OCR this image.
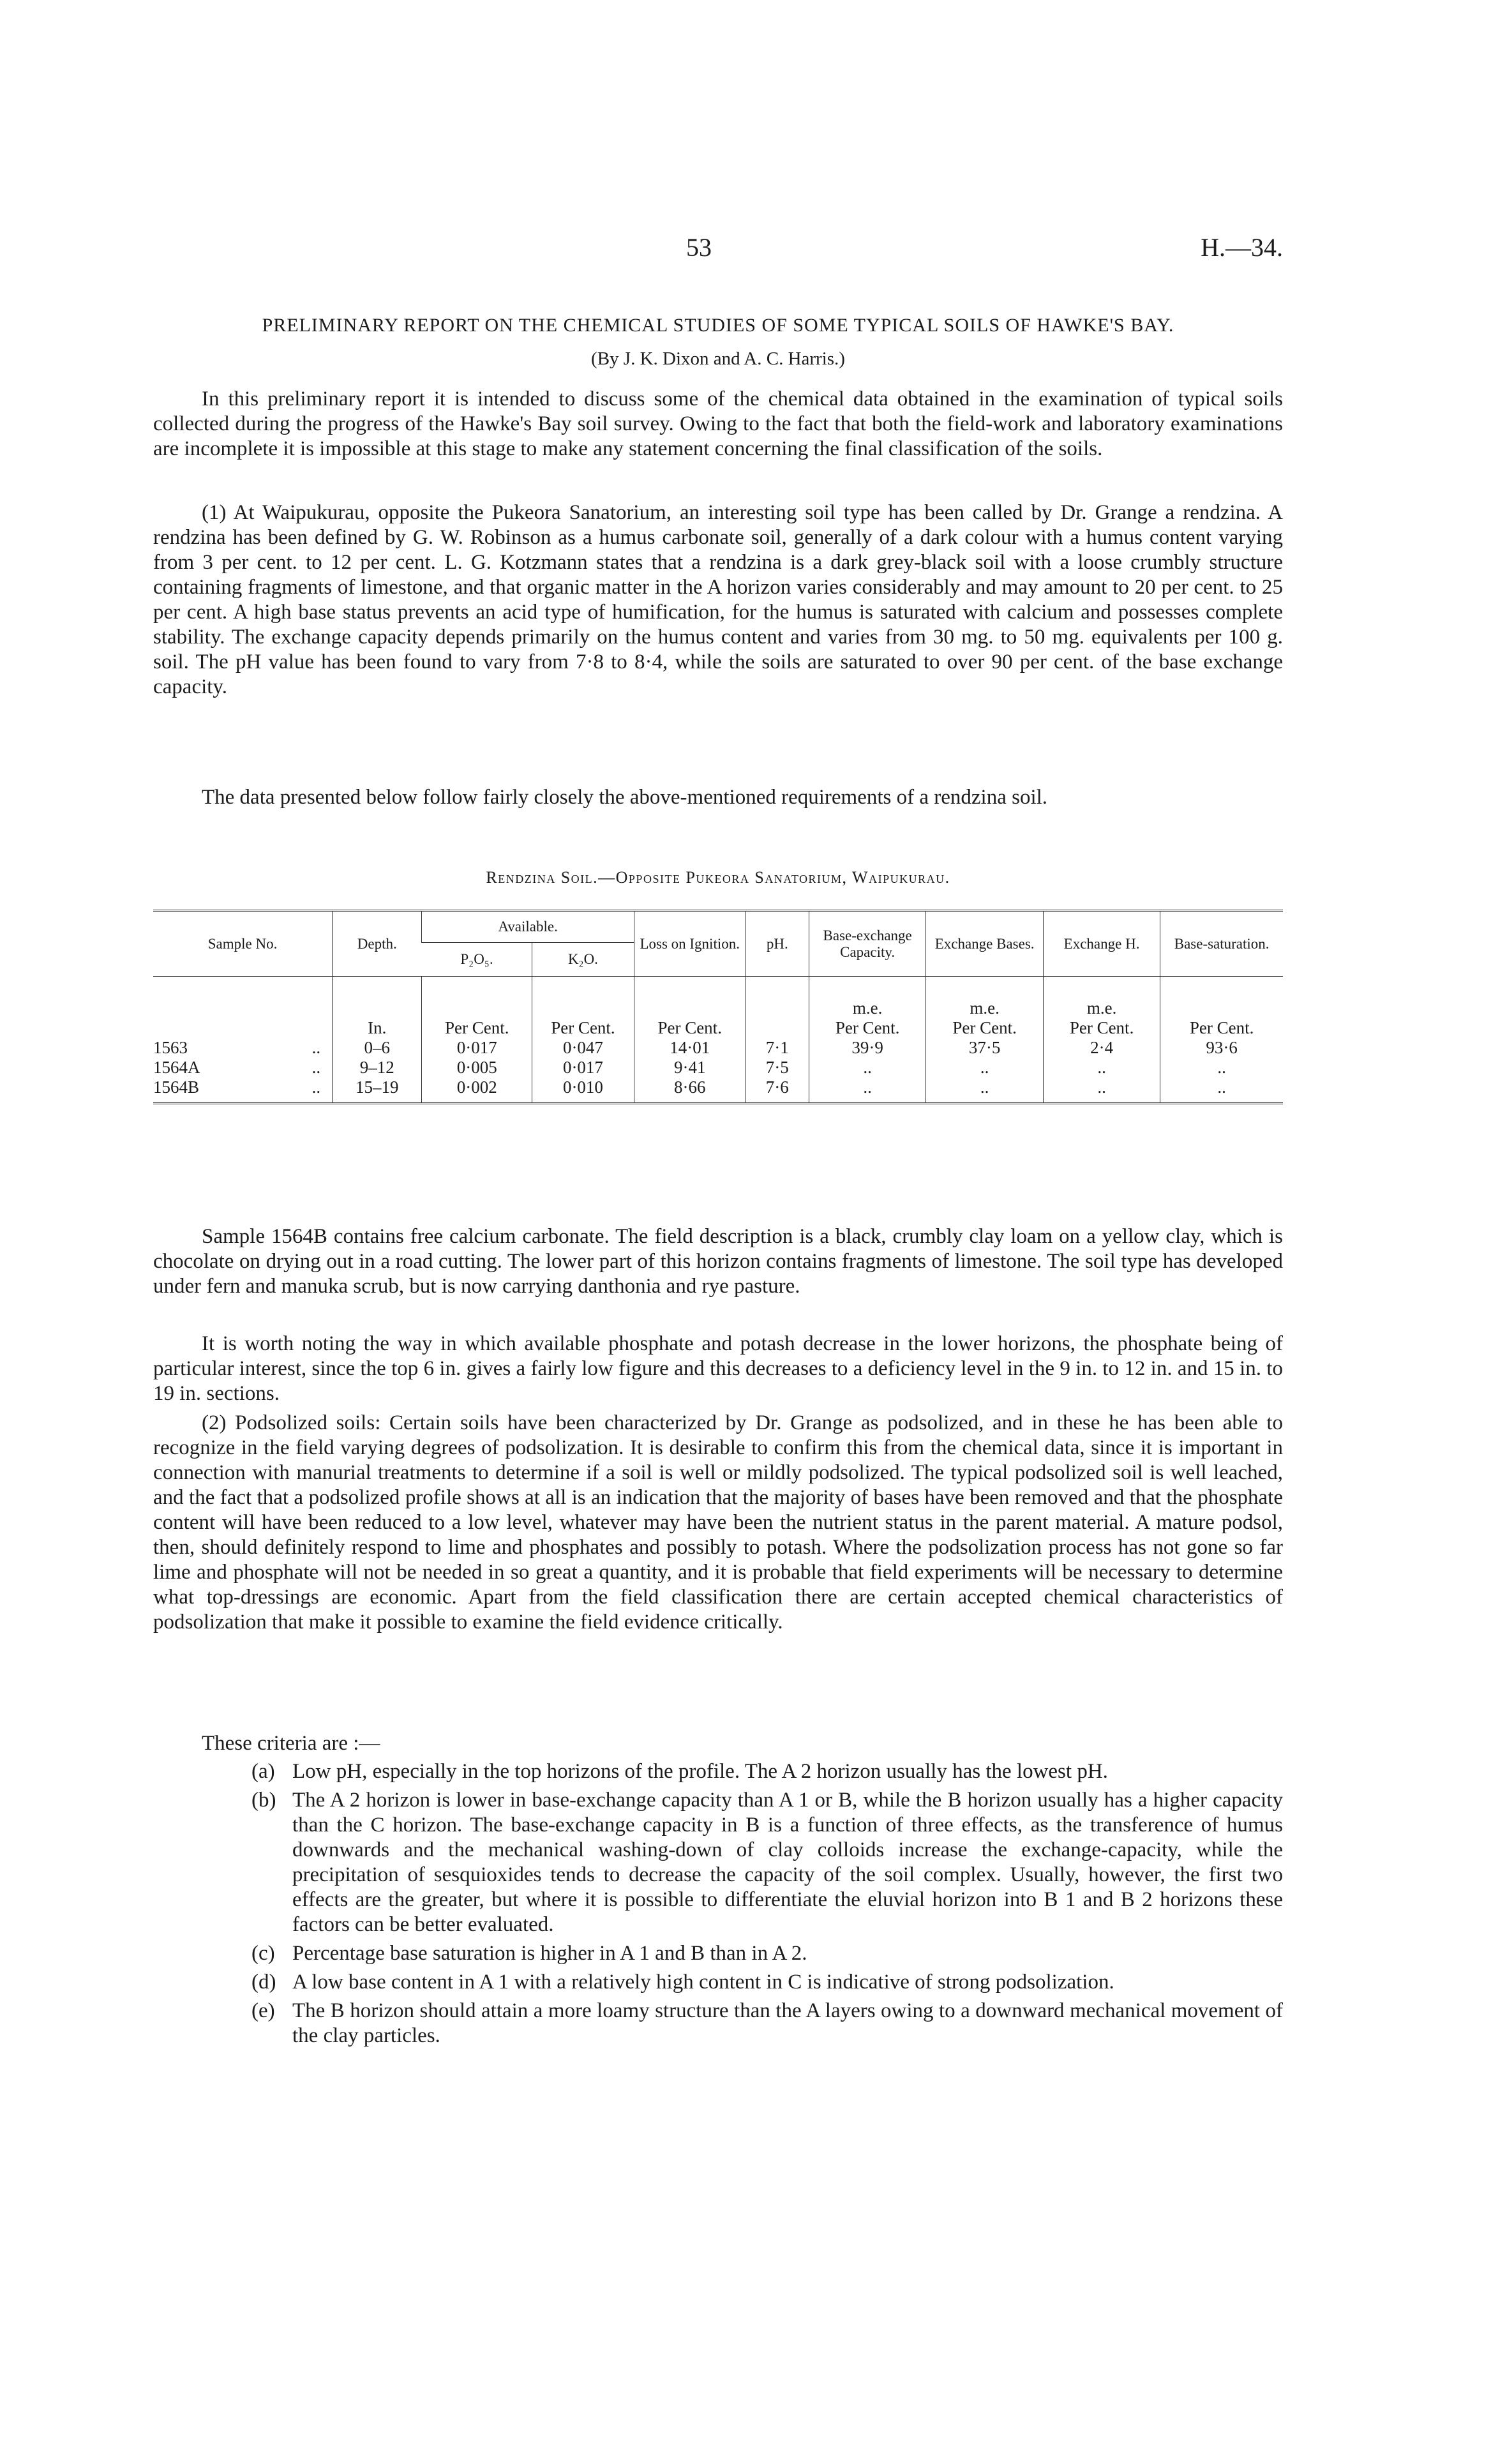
53	H.—34.
PRELIMINARY REPORT ON THE CHEMICAL STUDIES OF SOME TYPICAL SOILS OF HAWKE'S BAY.
(By J. K. Dixon and A. C. Harris.)

In this preliminary report it is intended to discuss some of the chemical data obtained in the examination of typical soils collected during the progress of the Hawke's Bay soil survey. Owing to the fact that both the field-work and laboratory examinations are incomplete it is impossible at this stage to make any statement concerning the final classification of the soils.

(1) At Waipukurau, opposite the Pukeora Sanatorium, an interesting soil type has been called by Dr. Grange a rendzina. A rendzina has been defined by G. W. Robinson as a humus carbonate soil, generally of a dark colour with a humus content varying from 3 per cent. to 12 per cent. L. G. Kotzmann states that a rendzina is a dark grey-black soil with a loose crumbly structure containing fragments of limestone, and that organic matter in the A horizon varies considerably and may amount to 20 per cent. to 25 per cent. A high base status prevents an acid type of humification, for the humus is saturated with calcium and possesses complete stability. The exchange capacity depends primarily on the humus content and varies from 30 mg. to 50 mg. equivalents per 100 g. soil. The pH value has been found to vary from 7·8 to 8·4, while the soils are saturated to over 90 per cent. of the base exchange capacity.

The data presented below follow fairly closely the above-mentioned requirements of a rendzina soil.

Rendzina Soil.—Opposite Pukeora Sanatorium, Waipukurau.
Sample No.	Depth.	Available.		Loss on Ignition.	pH.	Base-exchange Capacity.	Exchange Bases.	Exchange H.	Base-saturation.
		P₂O₅.	K₂O.						

						m.e.	m.e.	m.e.	
	In.	Per Cent.	Per Cent.	Per Cent.		Per Cent.	Per Cent.	Per Cent.	Per Cent.
1563 ..	0–6	0·017	0·047	14·01	7·1	39·9	37·5	2·4	93·6
1564A ..	9–12	0·005	0·017	9·41	7·5	..	..	..	..
1564B ..	15–19	0·002	0·010	8·66	7·6	..	..	..	..

Sample 1564B contains free calcium carbonate. The field description is a black, crumbly clay loam on a yellow clay, which is chocolate on drying out in a road cutting. The lower part of this horizon contains fragments of limestone. The soil type has developed under fern and manuka scrub, but is now carrying danthonia and rye pasture.

It is worth noting the way in which available phosphate and potash decrease in the lower horizons, the phosphate being of particular interest, since the top 6 in. gives a fairly low figure and this decreases to a deficiency level in the 9 in. to 12 in. and 15 in. to 19 in. sections.

(2) Podsolized soils: Certain soils have been characterized by Dr. Grange as podsolized, and in these he has been able to recognize in the field varying degrees of podsolization. It is desirable to confirm this from the chemical data, since it is important in connection with manurial treatments to determine if a soil is well or mildly podsolized. The typical podsolized soil is well leached, and the fact that a podsolized profile shows at all is an indication that the majority of bases have been removed and that the phosphate content will have been reduced to a low level, whatever may have been the nutrient status in the parent material. A mature podsol, then, should definitely respond to lime and phosphates and possibly to potash. Where the podsolization process has not gone so far lime and phosphate will not be needed in so great a quantity, and it is probable that field experiments will be necessary to determine what top-dressings are economic. Apart from the field classification there are certain accepted chemical characteristics of podsolization that make it possible to examine the field evidence critically.

These criteria are :—

(a) Low pH, especially in the top horizons of the profile. The A 2 horizon usually has the lowest pH.
(b) The A 2 horizon is lower in base-exchange capacity than A 1 or B, while the B horizon usually has a higher capacity than the C horizon. The base-exchange capacity in B is a function of three effects, as the transference of humus downwards and the mechanical washing-down of clay colloids increase the exchange-capacity, while the precipitation of sesquioxides tends to decrease the capacity of the soil complex. Usually, however, the first two effects are the greater, but where it is possible to differentiate the eluvial horizon into B 1 and B 2 horizons these factors can be better evaluated.
(c) Percentage base saturation is higher in A 1 and B than in A 2.
(d) A low base content in A 1 with a relatively high content in C is indicative of strong podsolization.
(e) The B horizon should attain a more loamy structure than the A layers owing to a downward mechanical movement of the clay particles.
